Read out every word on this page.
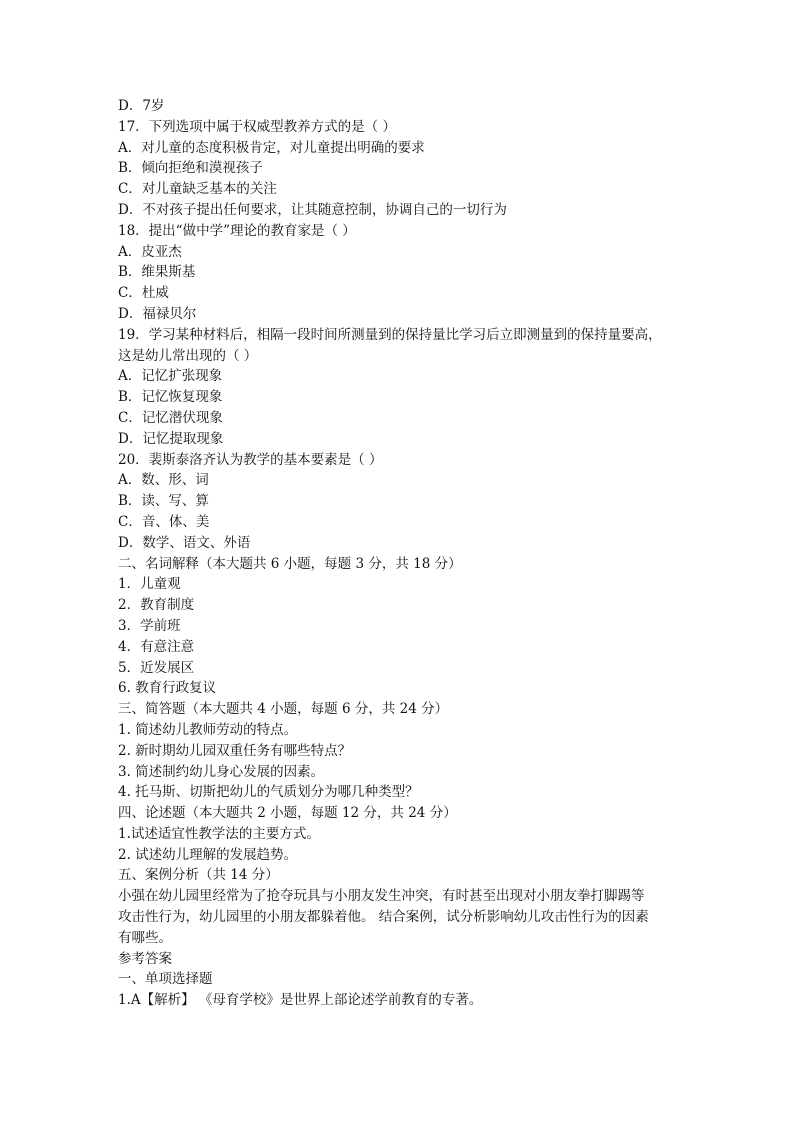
D．7岁
17．下列选项中属于权威型教养方式的是（ ）
A．对儿童的态度积极肯定，对儿童提出明确的要求
B．倾向拒绝和漠视孩子
C．对儿童缺乏基本的关注
D．不对孩子提出任何要求，让其随意控制，协调自己的一切行为
18．提出“做中学”理论的教育家是（ ）
A．皮亚杰
B．维果斯基
C．杜威
D．福禄贝尔
19．学习某种材料后，相隔一段时间所测量到的保持量比学习后立即测量到的保持量要高，
这是幼儿常出现的（ ）
A．记忆扩张现象
B．记忆恢复现象
C．记忆潜伏现象
D．记忆提取现象
20．裴斯泰洛齐认为教学的基本要素是（ ）
A．数、形、词
B．读、写、算
C．音、体、美
D．数学、语文、外语
二、名词解释（本大题共 6 小题，每题 3 分，共 18 分）
1．儿童观
2．教育制度
3．学前班
4．有意注意
5．近发展区
6. 教育行政复议
三、简答题（本大题共 4 小题，每题 6 分，共 24 分）
1. 简述幼儿教师劳动的特点。
2. 新时期幼儿园双重任务有哪些特点？
3. 简述制约幼儿身心发展的因素。
4. 托马斯、切斯把幼儿的气质划分为哪几种类型？
四、论述题（本大题共 2 小题，每题 12 分，共 24 分）
1.试述适宜性教学法的主要方式。
2. 试述幼儿理解的发展趋势。
五、案例分析（共 14 分）
小强在幼儿园里经常为了抢夺玩具与小朋友发生冲突，有时甚至出现对小朋友拳打脚踢等
攻击性行为，幼儿园里的小朋友都躲着他。 结合案例，试分析影响幼儿攻击性行为的因素
有哪些。
参考答案
一、单项选择题
1.A【解析】 《母育学校》是世界上部论述学前教育的专著。
